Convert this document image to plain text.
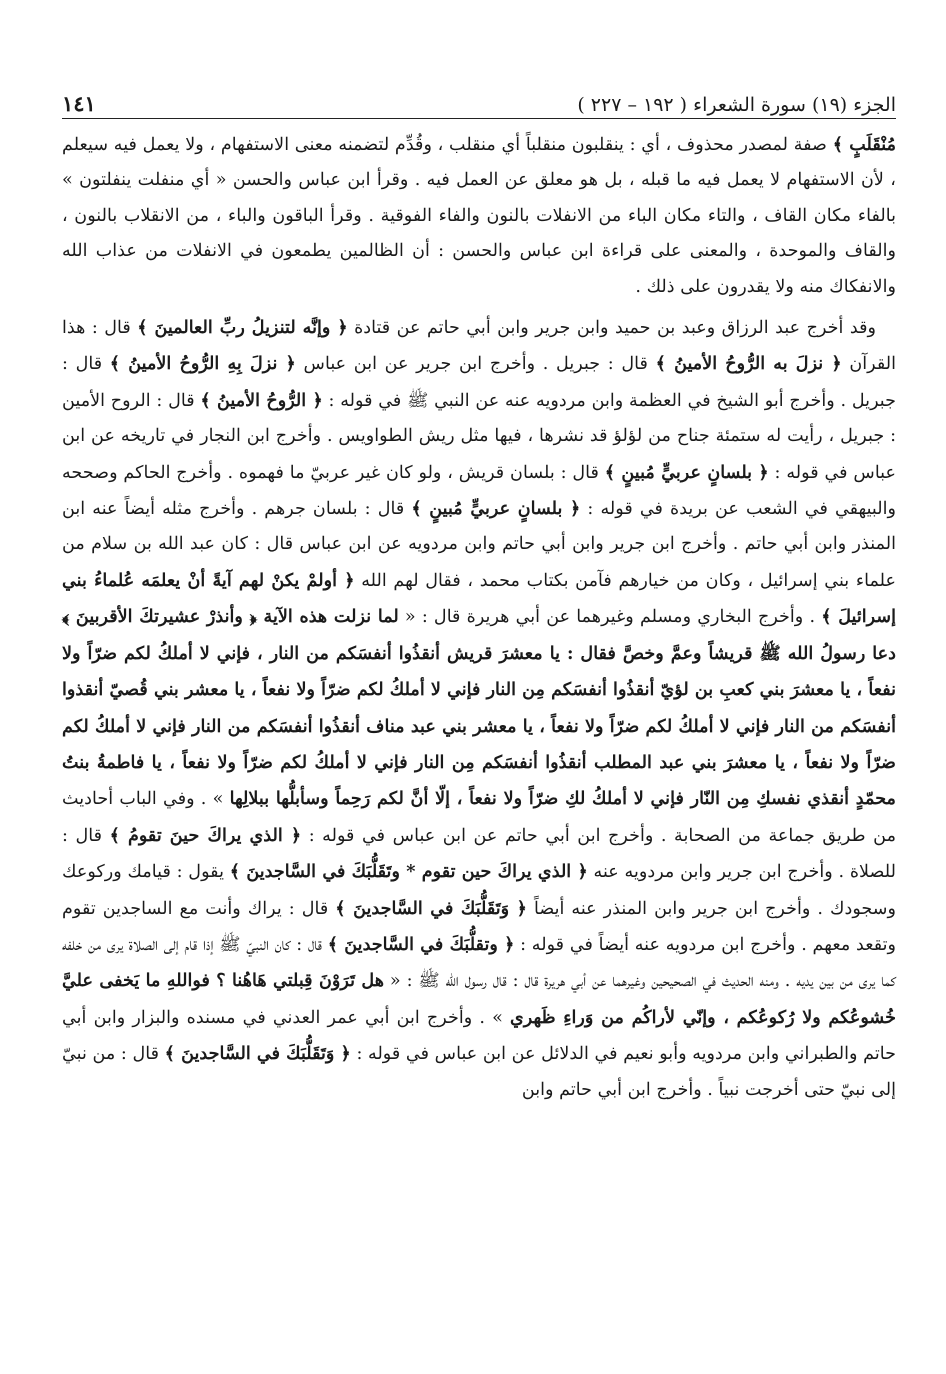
الجزء (١٩) سورة الشعراء ( ١٩٢ – ٢٢٧ )
١٤١

مُنْقَلَبٍ ﴾ صفة لمصدر محذوف ، أي : ينقلبون منقلباً أي منقلب ، وقُدِّم لتضمنه معنى الاستفهام ، ولا يعمل فيه سيعلم ، لأن الاستفهام لا يعمل فيه ما قبله ، بل هو معلق عن العمل فيه . وقرأ ابن عباس والحسن « أي منفلت ينفلتون » بالفاء مكان القاف ، والتاء مكان الباء من الانفلات بالنون والفاء الفوقية . وقرأ الباقون والباء ، من الانقلاب بالنون ، والقاف والموحدة ، والمعنى على قراءة ابن عباس والحسن : أن الظالمين يطمعون في الانفلات من عذاب الله والانفكاك منه ولا يقدرون على ذلك .

وقد أخرج عبد الرزاق وعبد بن حميد وابن جرير وابن أبي حاتم عن قتادة ﴿ وإنَّه لتنزيلُ ربِّ العالمينَ ﴾ قال : هذا القرآن ﴿ نزلَ به الرُّوحُ الأمينُ ﴾ قال : جبريل . وأخرج ابن جرير عن ابن عباس ﴿ نزلَ بِهِ الرُّوحُ الأمينُ ﴾ قال : جبريل . وأخرج أبو الشيخ في العظمة وابن مردويه عنه عن النبي ﷺ في قوله : ﴿ الرُّوحُ الأمينُ ﴾ قال : الروح الأمين : جبريل ، رأيت له ستمئة جناح من لؤلؤ قد نشرها ، فيها مثل ريش الطواويس . وأخرج ابن النجار في تاريخه عن ابن عباس في قوله : ﴿ بلسانٍ عربيٍّ مُبينٍ ﴾ قال : بلسان قريش ، ولو كان غير عربيّ ما فهموه . وأخرج الحاكم وصححه والبيهقي في الشعب عن بريدة في قوله : ﴿ بلسانٍ عربيٍّ مُبينٍ ﴾ قال : بلسان جرهم . وأخرج مثله أيضاً عنه ابن المنذر وابن أبي حاتم . وأخرج ابن جرير وابن أبي حاتم وابن مردويه عن ابن عباس قال : كان عبد الله بن سلام من علماء بني إسرائيل ، وكان من خيارهم فآمن بكتاب محمد ، فقال لهم الله ﴿ أولمْ يكنْ لهم آيةً أنْ يعلمَه عُلماءُ بني إسرائيلَ ﴾ . وأخرج البخاري ومسلم وغيرهما عن أبي هريرة قال : « لما نزلت هذه الآية ﴿ وأنذرْ عشيرتكَ الأقربينَ ﴾ دعا رسولُ الله ﷺ قريشاً وعمَّ وخصَّ فقال : يا معشرَ قريش أنقذُوا أنفسَكم من النار ، فإني لا أملكُ لكم ضرّاً ولا نفعاً ، يا معشرَ بني كعبِ بن لؤيّ أنقذُوا أنفسَكم مِن النار فإني لا أملكُ لكم ضرّاً ولا نفعاً ، يا معشر بني قُصيّ أنقذوا أنفسَكم من النار فإني لا أملكُ لكم ضرّاً ولا نفعاً ، يا معشر بني عبد مناف أنقذُوا أنفسَكم من النار فإني لا أملكُ لكم ضرّاً ولا نفعاً ، يا معشرَ بني عبد المطلب أنقذُوا أنفسَكم مِن النار فإني لا أملكُ لكم ضرّاً ولا نفعاً ، يا فاطمةُ بنتُ محمّدٍ أنقذي نفسكِ مِن النّار فإني لا أملكُ لكِ ضرّاً ولا نفعاً ، إلّا أنَّ لكم رَحِماً وسأبلُّها ببلالِها » . وفي الباب أحاديث من طريق جماعة من الصحابة . وأخرج ابن أبي حاتم عن ابن عباس في قوله : ﴿ الذي يراكَ حينَ تقومُ ﴾ قال : للصلاة . وأخرج ابن جرير وابن مردويه عنه ﴿ الذي يراكَ حين تقوم * وتَقَلُّبَكَ في السَّاجدينَ ﴾ يقول : قيامك وركوعك وسجودك . وأخرج ابن جرير وابن المنذر عنه أيضاً ﴿ وَتَقَلُّبَكَ في السَّاجدينَ ﴾ قال : يراك وأنت مع الساجدين تقوم وتقعد معهم . وأخرج ابن مردويه عنه أيضاً في قوله : ﴿ وتقلُّبَكَ في السَّاجدينَ ﴾ قال : كان النبيّ ﷺ إذا قام إلى الصلاة يرى من خلفه كما يرى من بين يديه . ومنه الحديث في الصحيحين وغيرهما عن أبي هريرة قال : قال رسول الله ﷺ : « هل تَرَوْنَ قِبلتي هَاهُنا ؟ فواللهِ ما يَخفى عليَّ خُشوعُكم ولا رُكوعُكم ، وإنّي لأراكُم من وَراءِ ظَهري » . وأخرج ابن أبي عمر العدني في مسنده والبزار وابن أبي حاتم والطبراني وابن مردويه وأبو نعيم في الدلائل عن ابن عباس في قوله : ﴿ وَتَقَلُّبَكَ في السَّاجدينَ ﴾ قال : من نبيّ إلى نبيّ حتى أخرجت نبياً . وأخرج ابن أبي حاتم وابن
